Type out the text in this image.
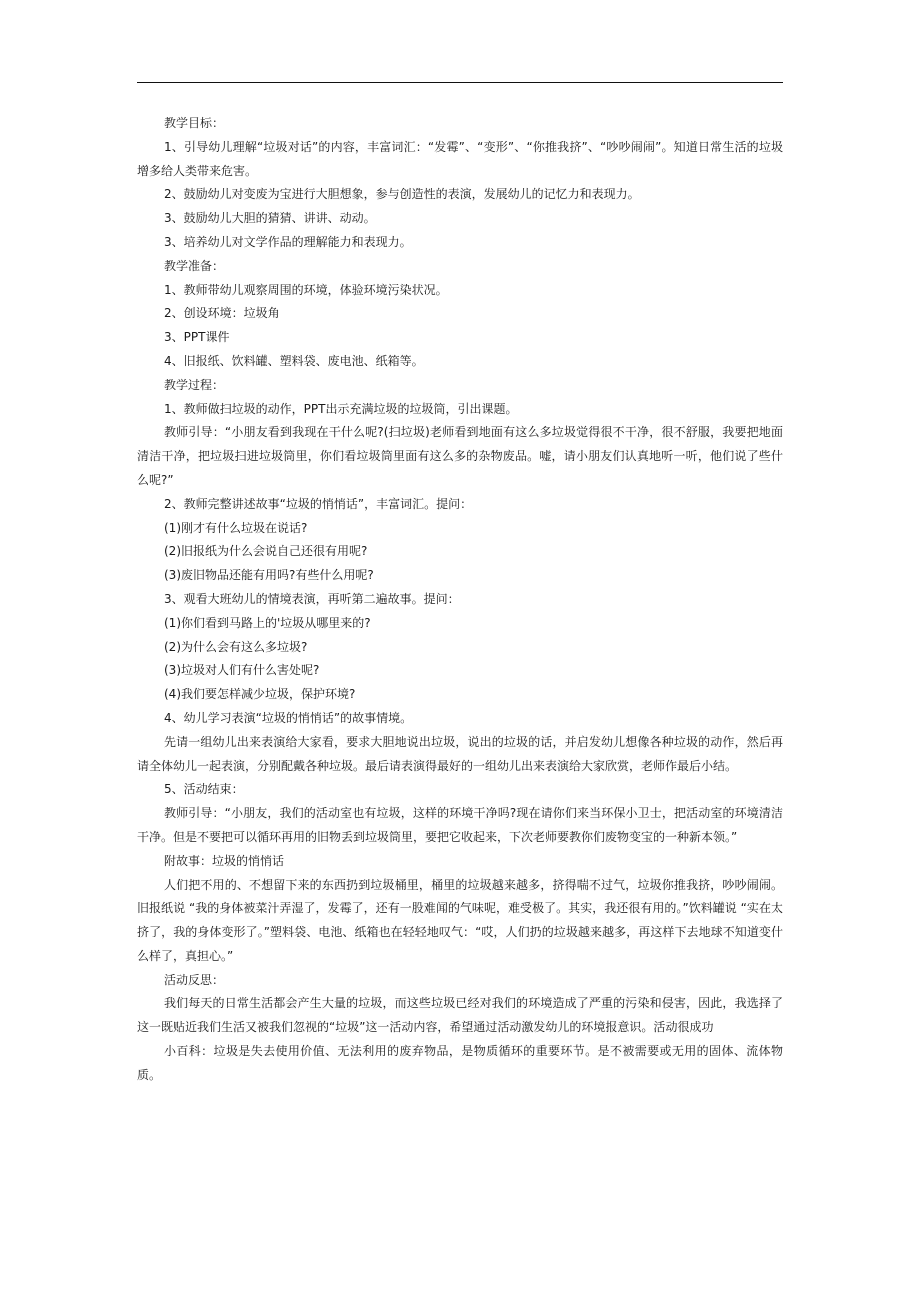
教学目标：

1、引导幼儿理解“垃圾对话”的内容，丰富词汇：“发霉”、“变形”、“你推我挤”、“吵吵闹闹”。知道日常生活的垃圾增多给人类带来危害。

2、鼓励幼儿对变废为宝进行大胆想象，参与创造性的表演，发展幼儿的记忆力和表现力。

3、鼓励幼儿大胆的猜猜、讲讲、动动。

3、培养幼儿对文学作品的理解能力和表现力。

教学准备：

1、教师带幼儿观察周围的环境，体验环境污染状况。

2、创设环境：垃圾角

3、PPT课件

4、旧报纸、饮料罐、塑料袋、废电池、纸箱等。

教学过程：

1、教师做扫垃圾的动作，PPT出示充满垃圾的垃圾筒，引出课题。

教师引导：“小朋友看到我现在干什么呢?(扫垃圾)老师看到地面有这么多垃圾觉得很不干净，很不舒服，我要把地面清洁干净，把垃圾扫进垃圾筒里，你们看垃圾筒里面有这么多的杂物废品。嘘，请小朋友们认真地听一听，他们说了些什么呢?”

2、教师完整讲述故事“垃圾的悄悄话”，丰富词汇。提问：

(1)刚才有什么垃圾在说话?

(2)旧报纸为什么会说自己还很有用呢?

(3)废旧物品还能有用吗?有些什么用呢?

3、观看大班幼儿的情境表演，再听第二遍故事。提问：

(1)你们看到马路上的'垃圾从哪里来的?

(2)为什么会有这么多垃圾?

(3)垃圾对人们有什么害处呢?

(4)我们要怎样减少垃圾，保护环境?

4、幼儿学习表演“垃圾的悄悄话”的故事情境。

先请一组幼儿出来表演给大家看，要求大胆地说出垃圾，说出的垃圾的话，并启发幼儿想像各种垃圾的动作，然后再请全体幼儿一起表演，分别配戴各种垃圾。最后请表演得最好的一组幼儿出来表演给大家欣赏，老师作最后小结。

5、活动结束：

教师引导：“小朋友，我们的活动室也有垃圾，这样的环境干净吗?现在请你们来当环保小卫士，把活动室的环境清洁干净。但是不要把可以循环再用的旧物丢到垃圾筒里，要把它收起来，下次老师要教你们废物变宝的一种新本领。”

附故事：垃圾的悄悄话

人们把不用的、不想留下来的东西扔到垃圾桶里，桶里的垃圾越来越多，挤得喘不过气，垃圾你推我挤，吵吵闹闹。旧报纸说 “我的身体被菜汁弄湿了，发霉了，还有一股难闻的气味呢，难受极了。其实，我还很有用的。”饮料罐说 “实在太挤了，我的身体变形了。”塑料袋、电池、纸箱也在轻轻地叹气：“哎，人们扔的垃圾越来越多，再这样下去地球不知道变什么样了，真担心。”

活动反思：

我们每天的日常生活都会产生大量的垃圾，而这些垃圾已经对我们的环境造成了严重的污染和侵害，因此，我选择了这一既贴近我们生活又被我们忽视的“垃圾”这一活动内容，希望通过活动激发幼儿的环境报意识。活动很成功

小百科：垃圾是失去使用价值、无法利用的废弃物品，是物质循环的重要环节。是不被需要或无用的固体、流体物质。
